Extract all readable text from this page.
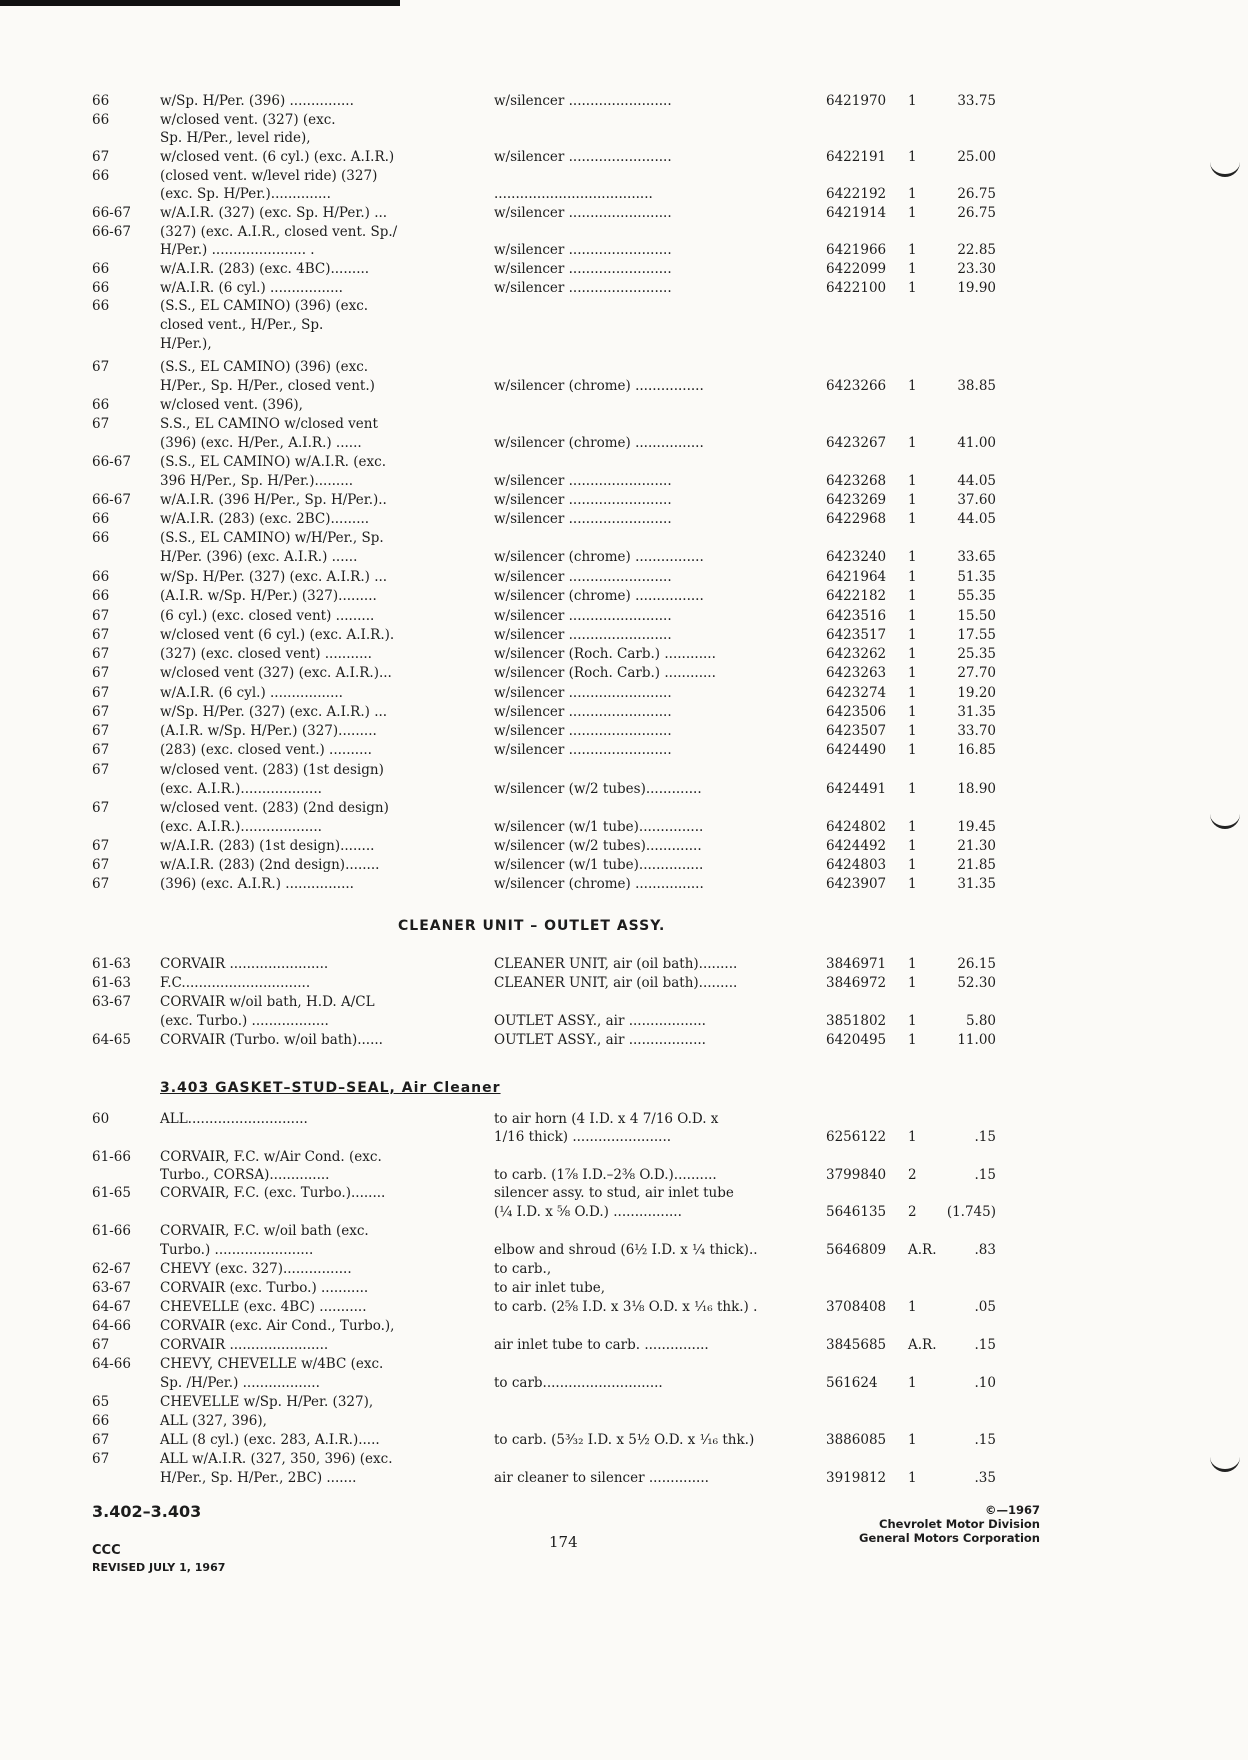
66	w/Sp. H/Per. (396) ...............	w/silencer ........................	6421970	1	33.75
66	w/closed vent. (327) (exc.
Sp. H/Per., level ride),
67	w/closed vent. (6 cyl.) (exc. A.I.R.)	w/silencer ........................	6422191	1	25.00
66	(closed vent. w/level ride) (327)
(exc. Sp. H/Per.)..............	.....................................	6422192	1	26.75
66-67	w/A.I.R. (327) (exc. Sp. H/Per.) ...	w/silencer ........................	6421914	1	26.75
66-67	(327) (exc. A.I.R., closed vent. Sp./
H/Per.) ...................... .	w/silencer ........................	6421966	1	22.85
66	w/A.I.R. (283) (exc. 4BC).........	w/silencer ........................	6422099	1	23.30
66	w/A.I.R. (6 cyl.) .................	w/silencer ........................	6422100	1	19.90
66	(S.S., EL CAMINO) (396) (exc.
closed vent., H/Per., Sp.
H/Per.),
67	(S.S., EL CAMINO) (396) (exc.
H/Per., Sp. H/Per., closed vent.)	w/silencer (chrome) ................	6423266	1	38.85
66	w/closed vent. (396),
67	S.S., EL CAMINO w/closed vent
(396) (exc. H/Per., A.I.R.) ......	w/silencer (chrome) ................	6423267	1	41.00
66-67	(S.S., EL CAMINO) w/A.I.R. (exc.
396 H/Per., Sp. H/Per.).........	w/silencer ........................	6423268	1	44.05
66-67	w/A.I.R. (396 H/Per., Sp. H/Per.)..	w/silencer ........................	6423269	1	37.60
66	w/A.I.R. (283) (exc. 2BC).........	w/silencer ........................	6422968	1	44.05
66	(S.S., EL CAMINO) w/H/Per., Sp.
H/Per. (396) (exc. A.I.R.) ......	w/silencer (chrome) ................	6423240	1	33.65
66	w/Sp. H/Per. (327) (exc. A.I.R.) ...	w/silencer ........................	6421964	1	51.35
66	(A.I.R. w/Sp. H/Per.) (327).........	w/silencer (chrome) ................	6422182	1	55.35
67	(6 cyl.) (exc. closed vent) .........	w/silencer ........................	6423516	1	15.50
67	w/closed vent (6 cyl.) (exc. A.I.R.).	w/silencer ........................	6423517	1	17.55
67	(327) (exc. closed vent) ...........	w/silencer (Roch. Carb.) ............	6423262	1	25.35
67	w/closed vent (327) (exc. A.I.R.)...	w/silencer (Roch. Carb.) ............	6423263	1	27.70
67	w/A.I.R. (6 cyl.) .................	w/silencer ........................	6423274	1	19.20
67	w/Sp. H/Per. (327) (exc. A.I.R.) ...	w/silencer ........................	6423506	1	31.35
67	(A.I.R. w/Sp. H/Per.) (327).........	w/silencer ........................	6423507	1	33.70
67	(283) (exc. closed vent.) ..........	w/silencer ........................	6424490	1	16.85
67	w/closed vent. (283) (1st design)
(exc. A.I.R.)...................	w/silencer (w/2 tubes).............	6424491	1	18.90
67	w/closed vent. (283) (2nd design)
(exc. A.I.R.)...................	w/silencer (w/1 tube)...............	6424802	1	19.45
67	w/A.I.R. (283) (1st design)........	w/silencer (w/2 tubes).............	6424492	1	21.30
67	w/A.I.R. (283) (2nd design)........	w/silencer (w/1 tube)...............	6424803	1	21.85
67	(396) (exc. A.I.R.) ................	w/silencer (chrome) ................	6423907	1	31.35
61-63	CORVAIR .......................	CLEANER UNIT, air (oil bath).........	3846971	1	26.15
61-63	F.C..............................	CLEANER UNIT, air (oil bath).........	3846972	1	52.30
63-67	CORVAIR w/oil bath, H.D. A/CL
(exc. Turbo.) ..................	OUTLET ASSY., air ..................	3851802	1	5.80
64-65	CORVAIR (Turbo. w/oil bath)......	OUTLET ASSY., air ..................	6420495	1	11.00
60	ALL............................	to air horn (4 I.D. x 4 7/16 O.D. x
1/16 thick) .......................	6256122	1	.15
61-66	CORVAIR, F.C. w/Air Cond. (exc.
Turbo., CORSA)..............	to carb. (1⅞ I.D.–2⅜ O.D.)..........	3799840	2	.15
61-65	CORVAIR, F.C. (exc. Turbo.)........	silencer assy. to stud, air inlet tube
(¼ I.D. x ⅝ O.D.) ................	5646135	2	(1.745)
61-66	CORVAIR, F.C. w/oil bath (exc.
Turbo.) .......................	elbow and shroud (6½ I.D. x ¼ thick)..	5646809	A.R.	.83
62-67	CHEVY (exc. 327)................	to carb.,
63-67	CORVAIR (exc. Turbo.) ...........	to air inlet tube,
64-67	CHEVELLE (exc. 4BC) ...........	to carb. (2⅝ I.D. x 3⅛ O.D. x ¹⁄₁₆ thk.) .	3708408	1	.05
64-66	CORVAIR (exc. Air Cond., Turbo.),
67	CORVAIR .......................	air inlet tube to carb. ...............	3845685	A.R.	.15
64-66	CHEVY, CHEVELLE w/4BC (exc.
Sp. /H/Per.) ..................	to carb............................	561624	1	.10
65	CHEVELLE w/Sp. H/Per. (327),
66	ALL (327, 396),
67	ALL (8 cyl.) (exc. 283, A.I.R.).....	to carb. (5³⁄₃₂ I.D. x 5½ O.D. x ¹⁄₁₆ thk.)	3886085	1	.15
67	ALL w/A.I.R. (327, 350, 396) (exc.
H/Per., Sp. H/Per., 2BC) .......	air cleaner to silencer ..............	3919812	1	.35
CLEANER UNIT – OUTLET ASSY.
3.403 GASKET–STUD–SEAL, Air Cleaner
3.402–3.403
CCC
REVISED JULY 1, 1967
174
©—1967
Chevrolet Motor Division
General Motors Corporation
